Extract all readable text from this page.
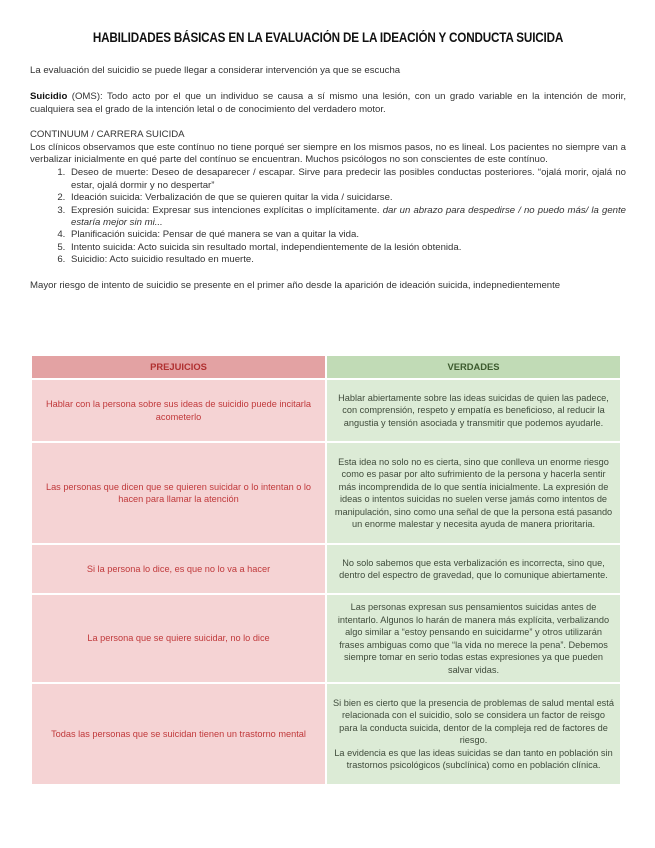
HABILIDADES BÁSICAS EN LA EVALUACIÓN DE LA IDEACIÓN Y CONDUCTA SUICIDA

La evaluación del suicidio se puede llegar a considerar intervención ya que se escucha

Suicidio (OMS): Todo acto por el que un individuo se causa a sí mismo una lesión, con un grado variable en la intención de morir, cualquiera sea el grado de la intención letal o de conocimiento del verdadero motor.

CONTINUUM / CARRERA SUICIDA

Los clínicos observamos que este contínuo no tiene porqué ser siempre en los mismos pasos, no es lineal. Los pacientes no siempre van a verbalizar inicialmente en qué parte del contínuo se encuentran. Muchos psicólogos no son conscientes de este contínuo.

1. Deseo de muerte: Deseo de desaparecer / escapar. Sirve para predecir las posibles conductas posteriores. “ojalá morir, ojalá no estar, ojalá dormir y no despertar”
2. Ideación suicida: Verbalización de que se quieren quitar la vida / suicidarse.
3. Expresión suicida: Expresar sus intenciones explícitas o implícitamente. dar un abrazo para despedirse / no puedo más/ la gente estaría mejor sin mi...
4. Planificación suicida: Pensar de qué manera se van a quitar la vida.
5. Intento suicida: Acto suicida sin resultado mortal, independientemente de la lesión obtenida.
6. Suicidio: Acto suicidio resultado en muerte.

Mayor riesgo de intento de suicidio se presente en el primer año desde la aparición de ideación suicida, indepnedientemente

PREJUICIOS	VERDADES
Hablar con la persona sobre sus ideas de suicidio puede incitarla acometerlo	Hablar abiertamente sobre las ideas suicidas de quien las padece, con comprensión, respeto y empatía es beneficioso, al reducir la angustia y tensión asociada y transmitir que podemos ayudarle.
Las personas que dicen que se quieren suicidar o lo intentan o lo hacen para llamar la atención	Esta idea no solo no es cierta, sino que conlleva un enorme riesgo como es pasar por alto sufrimiento de la persona y hacerla sentir más incomprendida de lo que sentía inicialmente. La expresión de ideas o intentos suicidas no suelen verse jamás como intentos de manipulación, sino como una señal de que la persona está pasando un enorme malestar y necesita ayuda de manera prioritaria.
Si la persona lo dice, es que no lo va a hacer	No solo sabemos que esta verbalización es incorrecta, sino que, dentro del espectro de gravedad, que lo comunique abiertamente.
La persona que se quiere suicidar, no lo dice	Las personas expresan sus pensamientos suicidas antes de intentarlo. Algunos lo harán de manera más explícita, verbalizando algo similar a “estoy pensando en suicidarme” y otros utilizarán frases ambiguas como que “la vida no merece la pena”. Debemos siempre tomar en serio todas estas expresiones ya que pueden salvar vidas.
Todas las personas que se suicidan tienen un trastorno mental	Si bien es cierto que la presencia de problemas de salud mental está relacionada con el suicidio, solo se considera un factor de reisgo para la conducta suicida, dentor de la compleja red de factores de riesgo.
La evidencia es que las ideas suicidas se dan tanto en población sin trastornos psicológicos (subclínica) como en población clínica.
